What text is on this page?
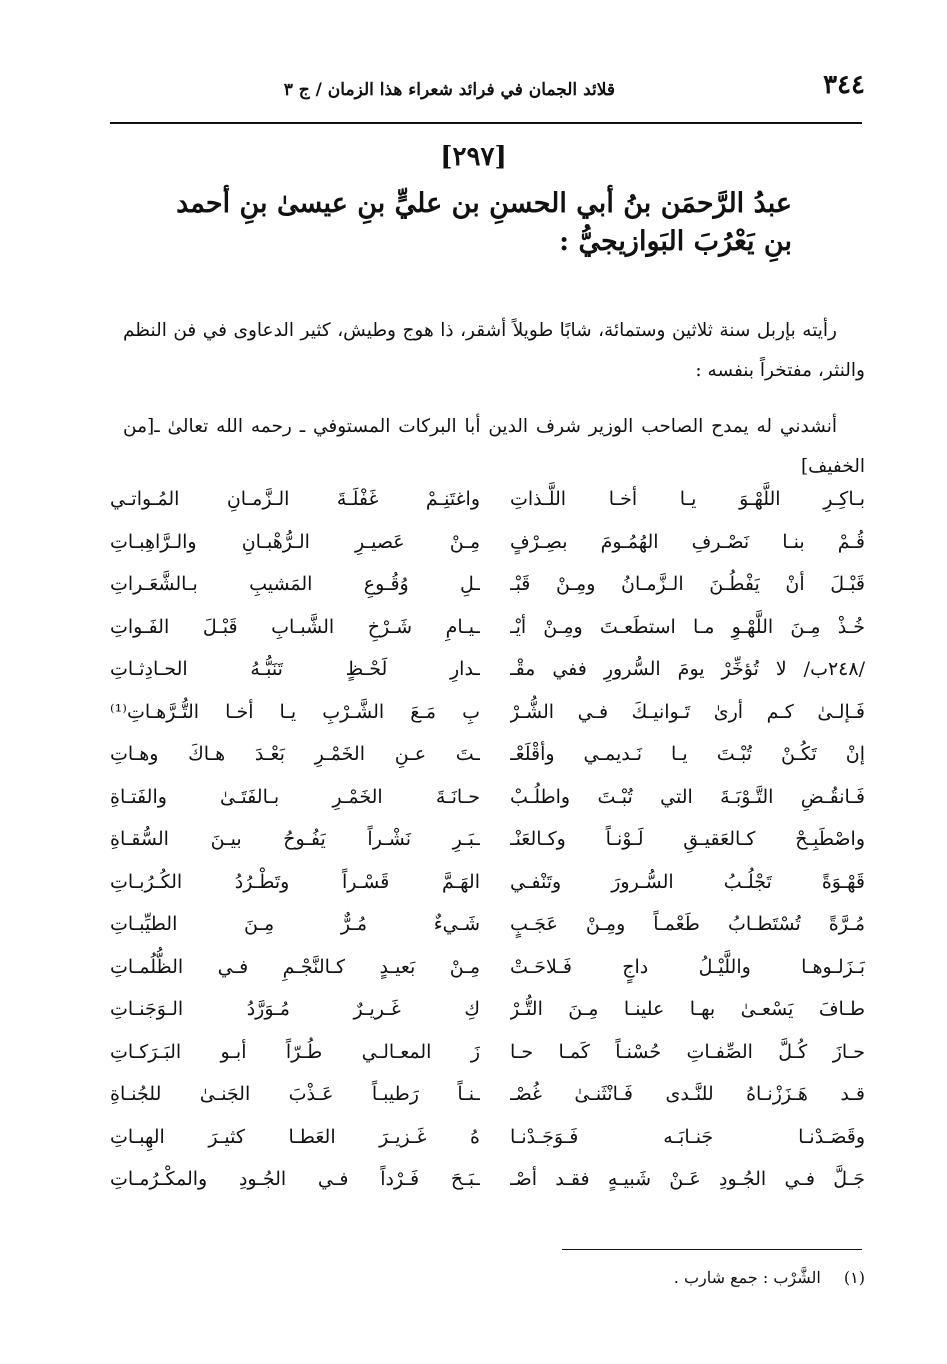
٣٤٤
قلائد الجمان في فرائد شعراء هذا الزمان / ج ٣
[٢٩٧]
عبدُ الرَّحمَن بنُ أبي الحسنِ بن عليٍّ بنِ عيسىٰ بنِ أحمد بنِ يَعْرُبَ البَوازيجيُّ :

رأيته بإربل سنة ثلاثين وستمائة، شابًا طويلاً أشقر، ذا هوج وطيش، كثير الدعاوى في فن النظم والنثر، مفتخراً بنفسه :

أنشدني له يمدح الصاحب الوزير شرف الدين أبا البركات المستوفي ـ رحمه الله تعالىٰ ـ[من الخفيف]

بـاكِـرِ اللَّهْـوَ يـا أخـا اللَّـذاتِ
واغتَنِـمْ غَفْلَـةَ الـزَّمـانِ المُـواتـي
قُـمْ بنـا نَصْـرفِ الهُمُـومَ بصِـرْفٍ
مِـنْ عَصيـرِ الـرُّهْبـانِ والـرَّاهِبـاتِ
قَبْـلَ أنْ يَفْطُـنَ الـزَّمـانُ ومِـنْ قَبْـ
ـلِ وُقُـوعِ المَشيبِ بـالشَّعَـراتِ
خُـذْ مِـنَ اللَّهْـوِ مـا استطَعـتَ ومِـنْ أيْـ
ـيـامِ شَـرْخِ الشَّبـابِ قَبْـلَ الفَـواتِ
/٢٤٨ب/ لا تُؤخِّرْ يومَ السُّرورِ ففي مقْـ
ـدارِ لَحْـظٍ تَنَبُّـهُ الحـادِثـاتِ
فَـإلـىٰ كـم أرىٰ تَـوانيـكَ فـي الشُّـرْ
بِ مَـعَ الشَّـرْبِ يـا أخـا التُّـرَّهـاتِ⁽¹⁾
إنْ تَكُـنْ تُبْـتَ يـا نَـديمـي وأقْلَعْـ
ـتَ عـنِ الخَمْـرِ بَعْـدَ هـاكَ وهـاتِ
فَـانقُـضِ التَّـوْبَـةَ التي تُبْـتَ واطلُـبْ
حـانَـةَ الخَمْـرِ بـالفَتَـىٰ والفَتـاةِ
واصْطَبِـحْ كـالعَقيـقِ لَـوْنـاً وكـالعَنْـ
ـبَـرِ نَشْـراً يَفُـوحُ بيـنَ السُّقـاةِ
قَهْـوَةً تَجْلُـبُ السُّـرورَ وتَنْفـي
الهَـمَّ قَسْـراً وتَطْـرُدُ الكُـرُبـاتِ
مُـرَّةً تُسْتَطـابُ طَعْمـاً ومِـنْ عَجَـبٍ
شَـيءٌ مُـرٌّ مِـنَ الطيِّبـاتِ
بَـزَلـوهـا واللَّيْـلُ داجٍ فَـلاحَـتْ
مِـنْ بَعيـدٍ كـالنَّجْـمِ فـي الظُّلُمـاتِ
طـافَ يَسْعـىٰ بهـا علينـا مِـنَ التُّـرْ
كِ غَـريـرٌ مُـوَرَّدُ الـوَجَنـاتِ
حـازَ كُـلَّ الصِّفـاتِ حُسْنـاً كَمـا حـا
زَ المعـالـي طُـرّاً أبـو البَـرَكـاتِ
قـد هَـزَزْنـاهُ للنَّـدى فَـانْثَنـىٰ غُصْـ
ـنـاً رَطيبـاً عَـذْبَ الجَنـىٰ للجُنـاةِ
وقَصَـدْنـا جَنـابَـه فَـوَجَـدْنـا
هُ غَـزيـرَ العَطـا كثيـرَ الهِبـاتِ
جَـلَّ فـي الجُـودِ عَـنْ شَبيـهٍ فقـد أصْـ
ـبَـحَ فَـرْداً فـي الجُـودِ والمكْـرُمـاتِ
(١) الشَّرْب : جمع شارب .
